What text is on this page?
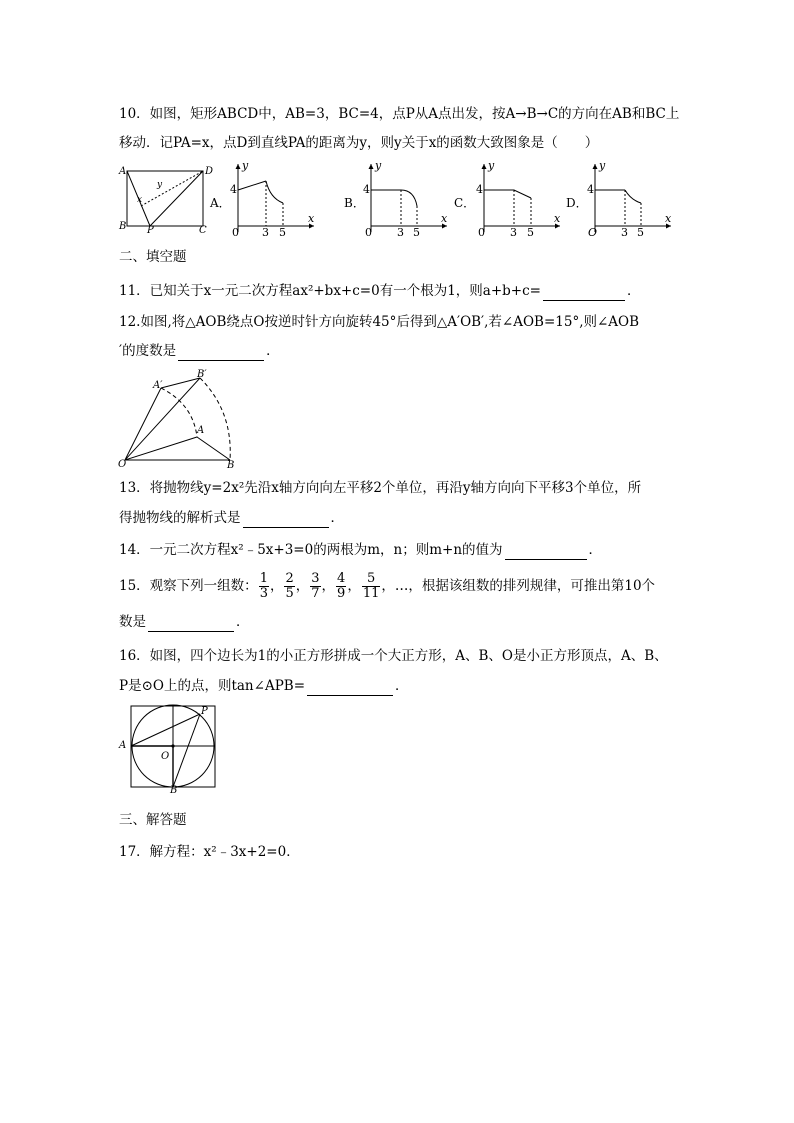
10．如图，矩形ABCD中，AB=3，BC=4，点P从A点出发，按A→B→C的方向在AB和BC上
移动．记PA=x，点D到直线PA的距离为y，则y关于x的函数大致图象是（　　）
A	D
B	C
P
x
y
A．
y
4
x
0 3 5
B．
y
4
x
0 3 5
C．
y
4
x
0 3 5
D．
y
4
x
O 3 5
二、填空题
11．已知关于x一元二次方程ax²+bx+c=0有一个根为1，则a+b+c=	．
12.如图,将△AOB绕点O按逆时针方向旋转45°后得到△A′OB′,若∠AOB=15°,则∠AOB
′的度数是	．
A′
B′
A
O	B
13．将抛物线y=2x²先沿x轴方向向左平移2个单位，再沿y轴方向向下平移3个单位，所
得抛物线的解析式是	．
14．一元二次方程x²﹣5x+3=0的两根为m，n；则m+n的值为	．
15．观察下列一组数： $\frac{1}{3}$ ， $\frac{2}{5}$ ， $\frac{3}{7}$ ， $\frac{4}{9}$ ， $\frac{5}{11}$ ，…，根据该组数的排列规律，可推出第10个
数是	．
16．如图，四个边长为1的小正方形拼成一个大正方形，A、B、O是小正方形顶点，A、B、
P是⊙O上的点，则tan∠APB=	．
A
B
O
P
三、解答题
17．解方程：x²﹣3x+2=0．
